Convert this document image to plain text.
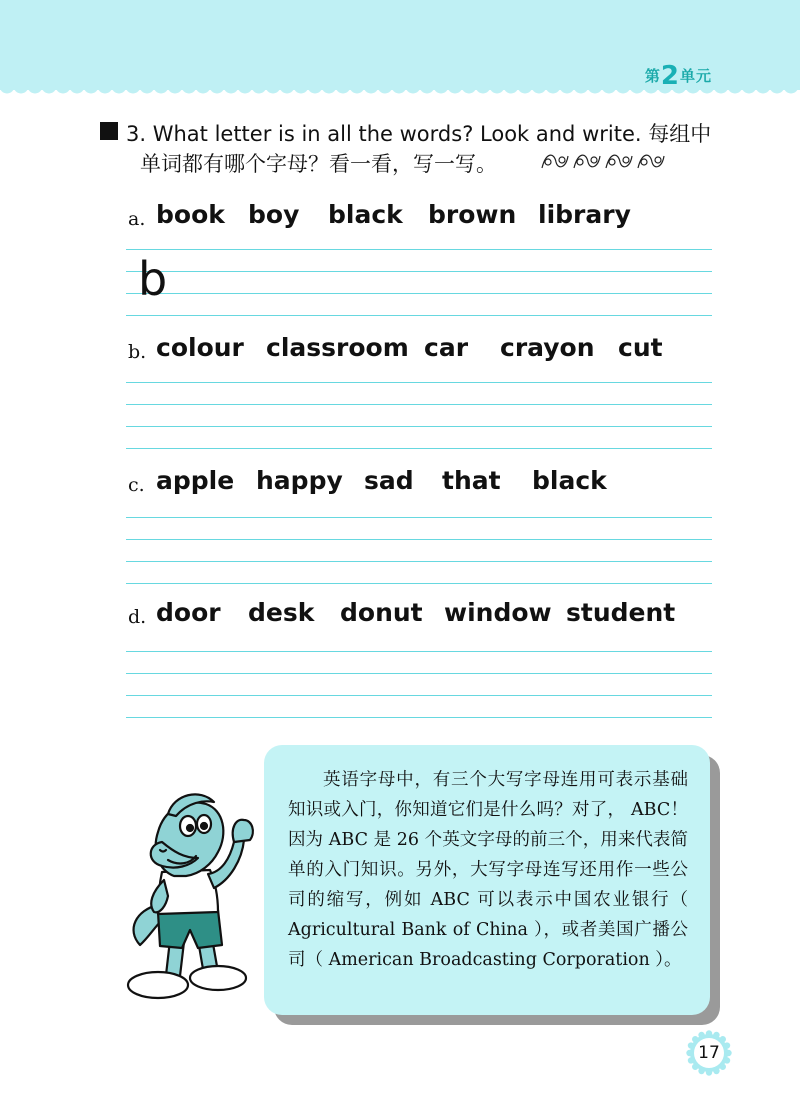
第2单元
3. What letter is in all the words? Look and write. 每组中
单词都有哪个字母？看一看，写一写。
a. book boy black brown library
b
b. colour classroom car crayon cut
c. apple happy sad that black
d. door desk donut window student
英语字母中，有三个大写字母连用可表示基础知识或入门，你知道它们是什么吗？对了， ABC！ 因为 ABC 是 26 个英文字母的前三个，用来代表简单的入门知识。另外，大写字母连写还用作一些公司的缩写，例如 ABC 可以表示中国农业银行（ Agricultural Bank of China ），或者美国广播公司（ American Broadcasting Corporation ）。
17
